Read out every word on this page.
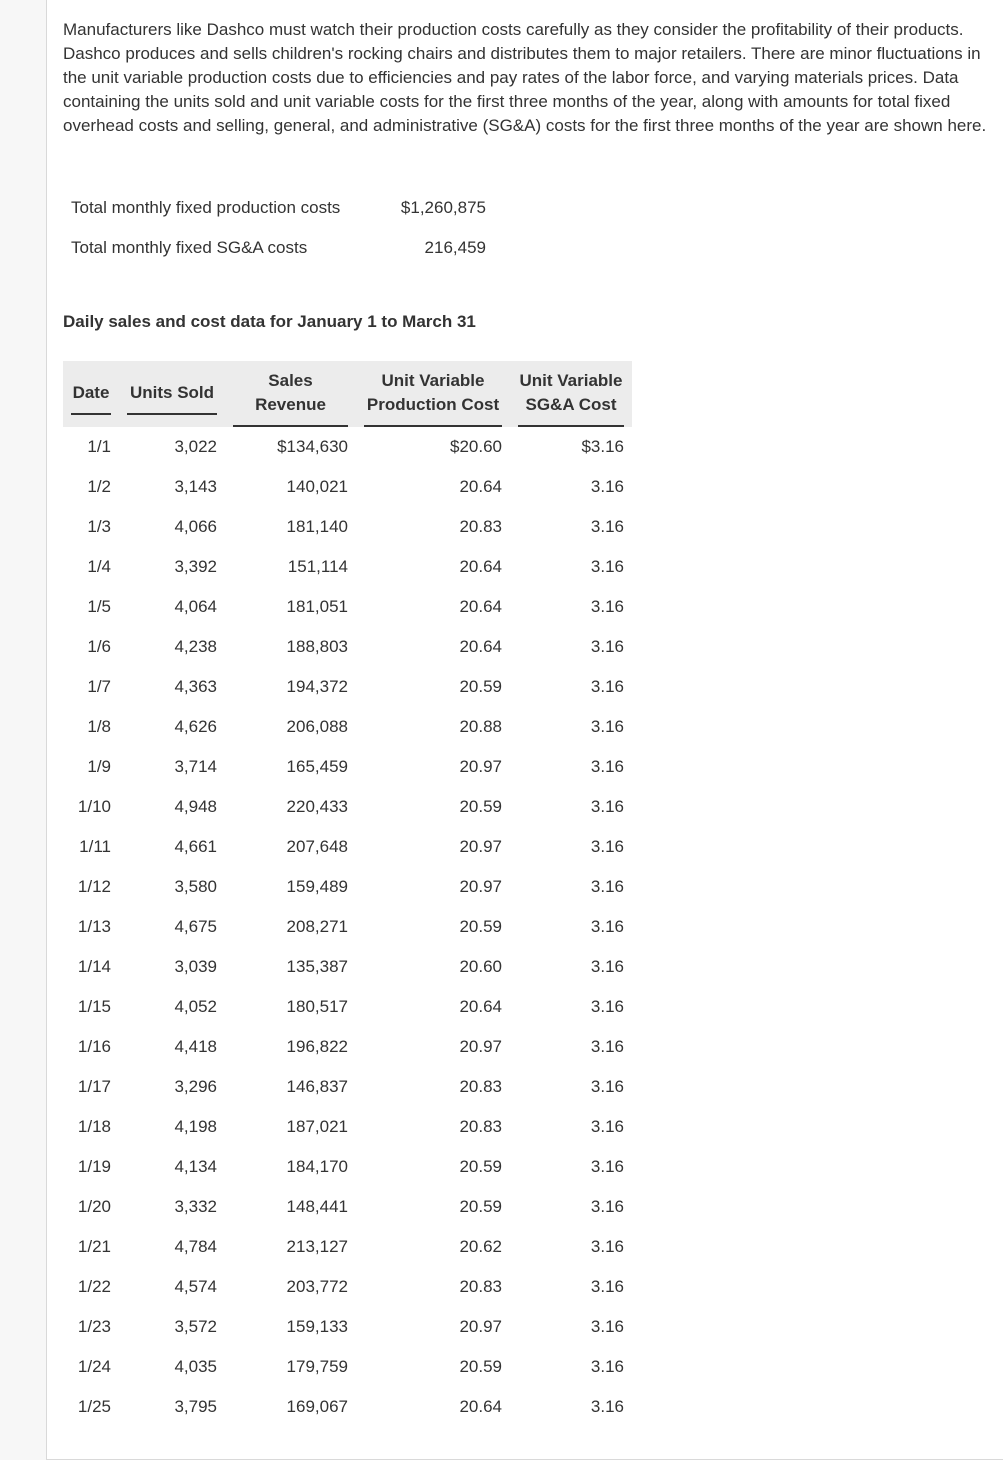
Manufacturers like Dashco must watch their production costs carefully as they consider the profitability of their products. Dashco produces and sells children's rocking chairs and distributes them to major retailers. There are minor fluctuations in the unit variable production costs due to efficiencies and pay rates of the labor force, and varying materials prices. Data containing the units sold and unit variable costs for the first three months of the year, along with amounts for total fixed overhead costs and selling, general, and administrative (SG&A) costs for the first three months of the year are shown here.

Total monthly fixed production costs	$1,260,875
Total monthly fixed SG&A costs	216,459
Daily sales and cost data for January 1 to March 31
Date	Units Sold	Sales Revenue	Unit Variable Production Cost	Unit Variable SG&A Cost

1/1	3,022	$134,630	$20.60	$3.16
1/2	3,143	140,021	20.64	3.16
1/3	4,066	181,140	20.83	3.16
1/4	3,392	151,114	20.64	3.16
1/5	4,064	181,051	20.64	3.16
1/6	4,238	188,803	20.64	3.16
1/7	4,363	194,372	20.59	3.16
1/8	4,626	206,088	20.88	3.16
1/9	3,714	165,459	20.97	3.16
1/10	4,948	220,433	20.59	3.16
1/11	4,661	207,648	20.97	3.16
1/12	3,580	159,489	20.97	3.16
1/13	4,675	208,271	20.59	3.16
1/14	3,039	135,387	20.60	3.16
1/15	4,052	180,517	20.64	3.16
1/16	4,418	196,822	20.97	3.16
1/17	3,296	146,837	20.83	3.16
1/18	4,198	187,021	20.83	3.16
1/19	4,134	184,170	20.59	3.16
1/20	3,332	148,441	20.59	3.16
1/21	4,784	213,127	20.62	3.16
1/22	4,574	203,772	20.83	3.16
1/23	3,572	159,133	20.97	3.16
1/24	4,035	179,759	20.59	3.16
1/25	3,795	169,067	20.64	3.16
